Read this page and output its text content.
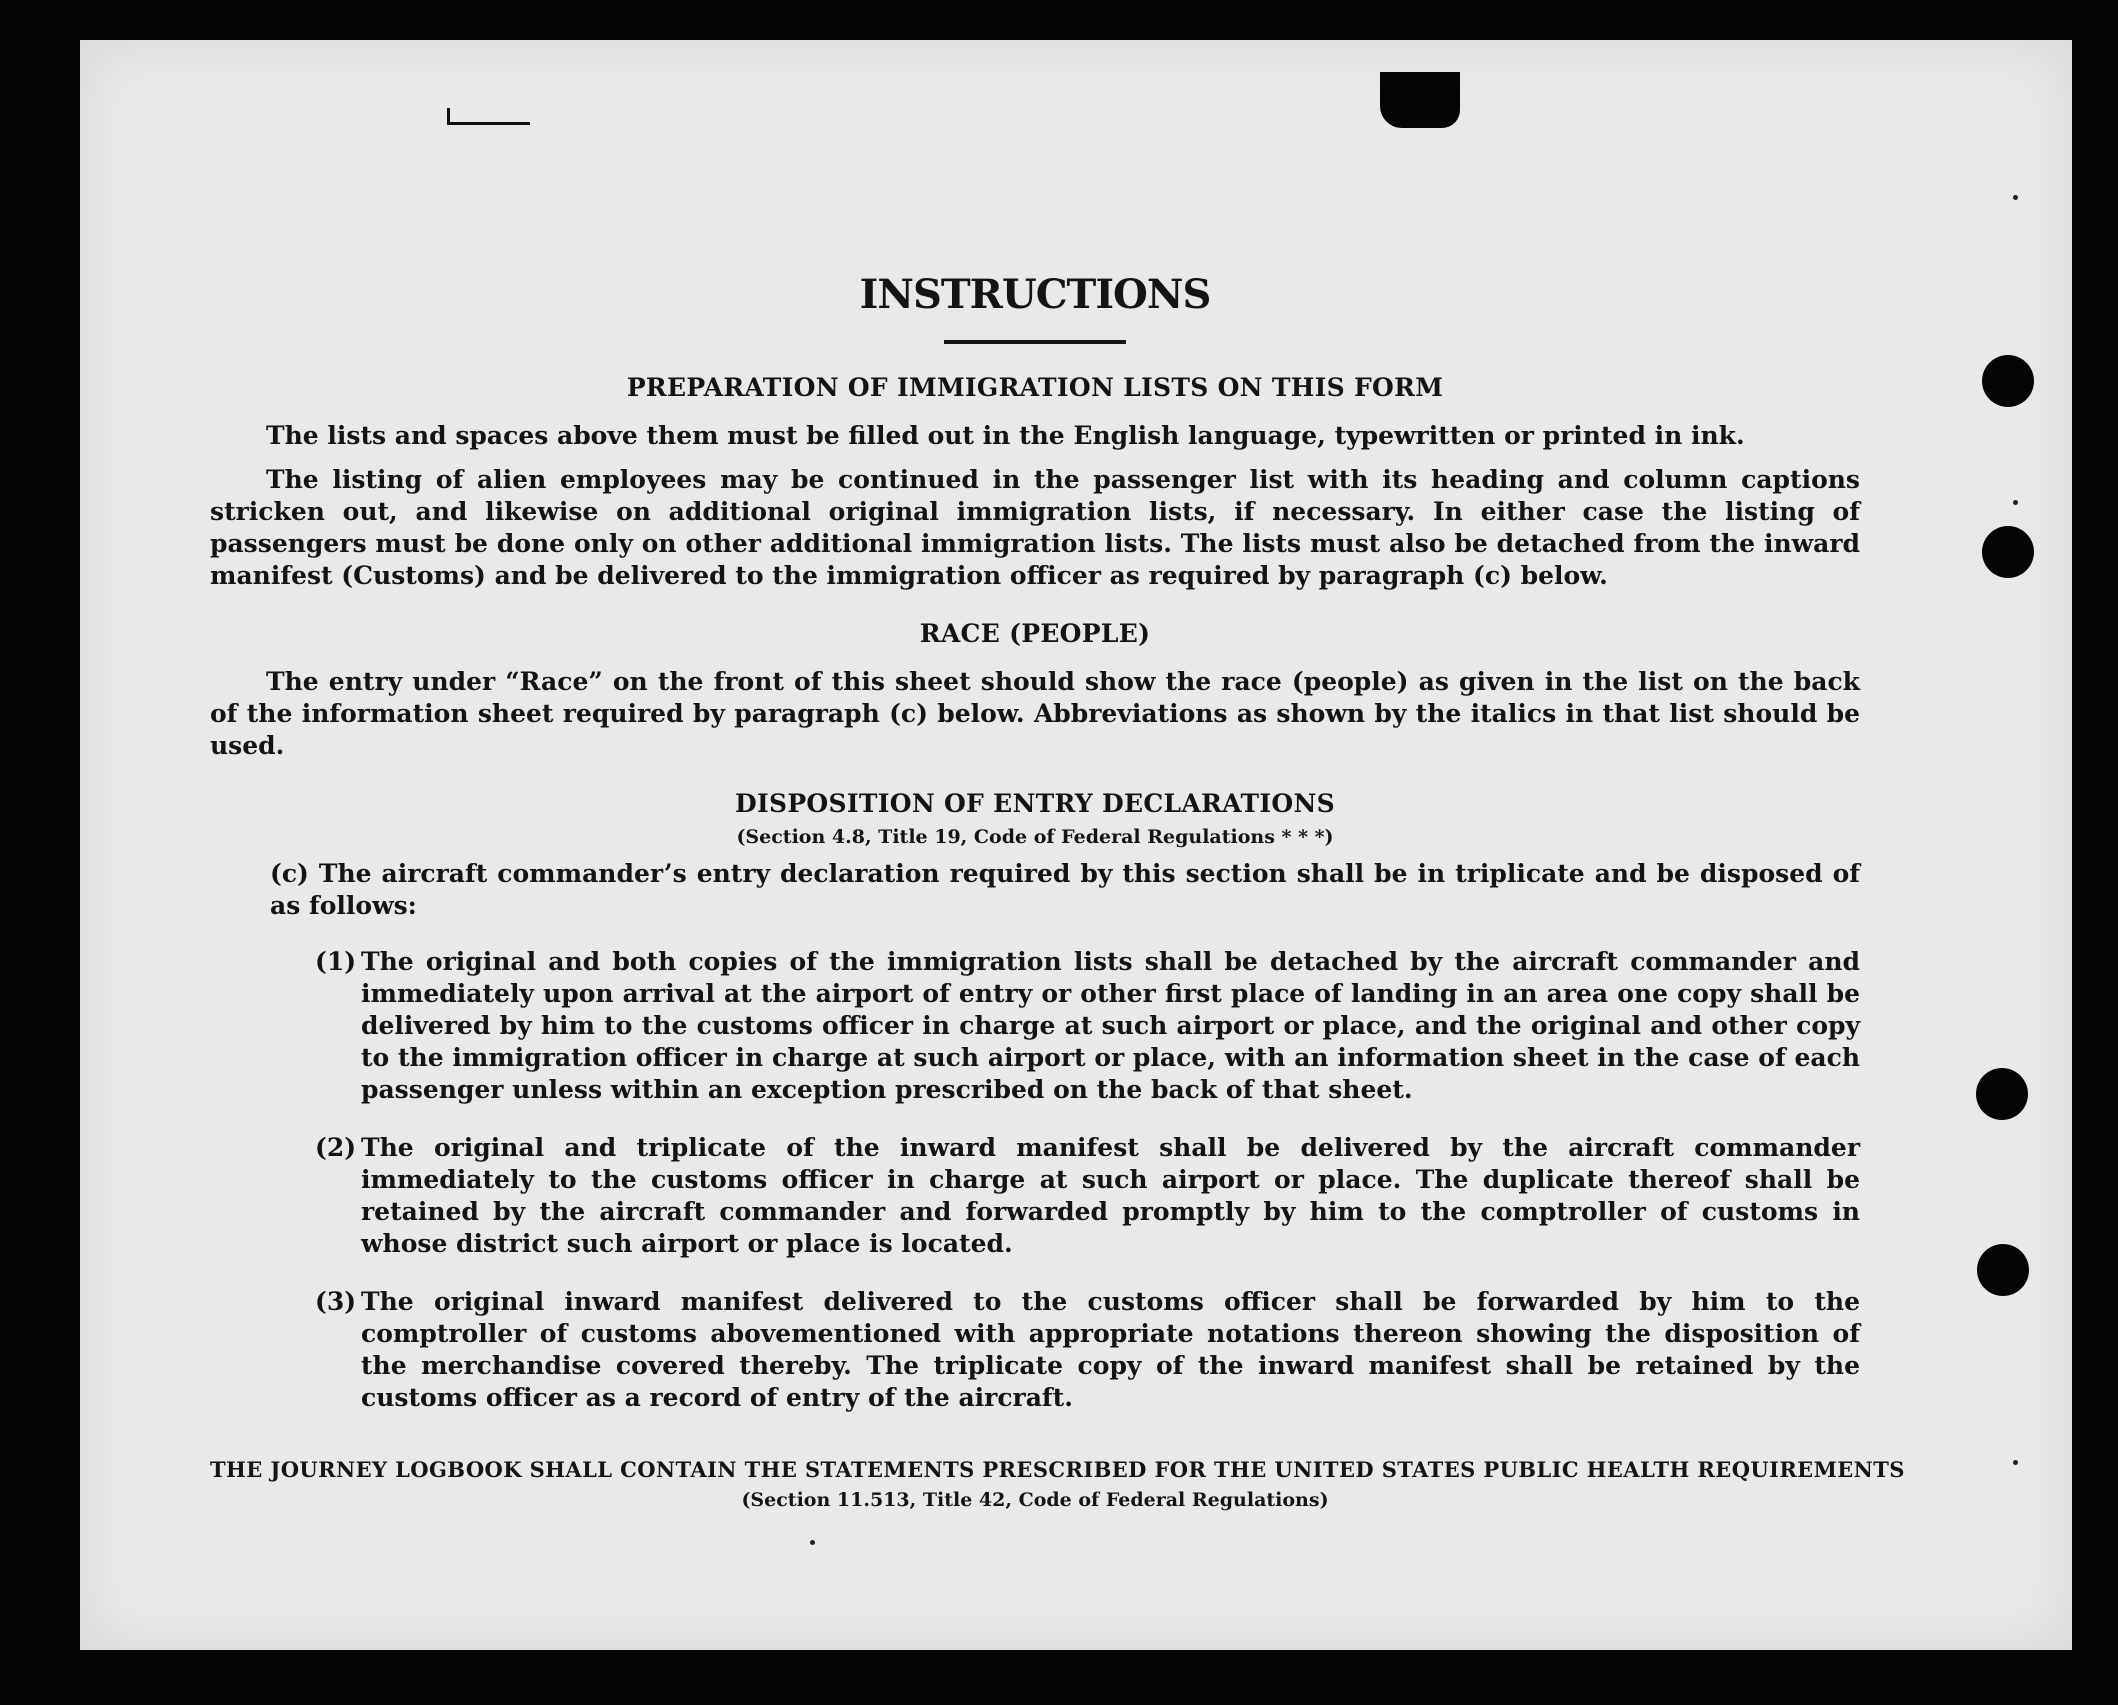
INSTRUCTIONS
PREPARATION OF IMMIGRATION LISTS ON THIS FORM

The lists and spaces above them must be filled out in the English language, typewritten or printed in ink.

The listing of alien employees may be continued in the passenger list with its heading and column captions stricken out, and likewise on additional original immigration lists, if necessary. In either case the listing of passengers must be done only on other additional immigration lists. The lists must also be detached from the inward manifest (Customs) and be delivered to the immigration officer as required by paragraph (c) below.

RACE (PEOPLE)

The entry under “Race” on the front of this sheet should show the race (people) as given in the list on the back of the information sheet required by paragraph (c) below. Abbreviations as shown by the italics in that list should be used.

DISPOSITION OF ENTRY DECLARATIONS
(Section 4.8, Title 19, Code of Federal Regulations * * *)

(c) The aircraft commander’s entry declaration required by this section shall be in triplicate and be disposed of as follows:

(1) The original and both copies of the immigration lists shall be detached by the aircraft commander and immediately upon arrival at the airport of entry or other first place of landing in an area one copy shall be delivered by him to the customs officer in charge at such airport or place, and the original and other copy to the immigration officer in charge at such airport or place, with an information sheet in the case of each passenger unless within an exception prescribed on the back of that sheet.
(2) The original and triplicate of the inward manifest shall be delivered by the aircraft commander immediately to the customs officer in charge at such airport or place. The duplicate thereof shall be retained by the aircraft commander and forwarded promptly by him to the comptroller of customs in whose district such airport or place is located.
(3) The original inward manifest delivered to the customs officer shall be forwarded by him to the comptroller of customs abovementioned with appropriate notations thereon showing the disposition of the merchandise covered thereby. The triplicate copy of the inward manifest shall be retained by the customs officer as a record of entry of the aircraft.
THE JOURNEY LOGBOOK SHALL CONTAIN THE STATEMENTS PRESCRIBED FOR THE UNITED STATES PUBLIC HEALTH REQUIREMENTS
(Section 11.513, Title 42, Code of Federal Regulations)
